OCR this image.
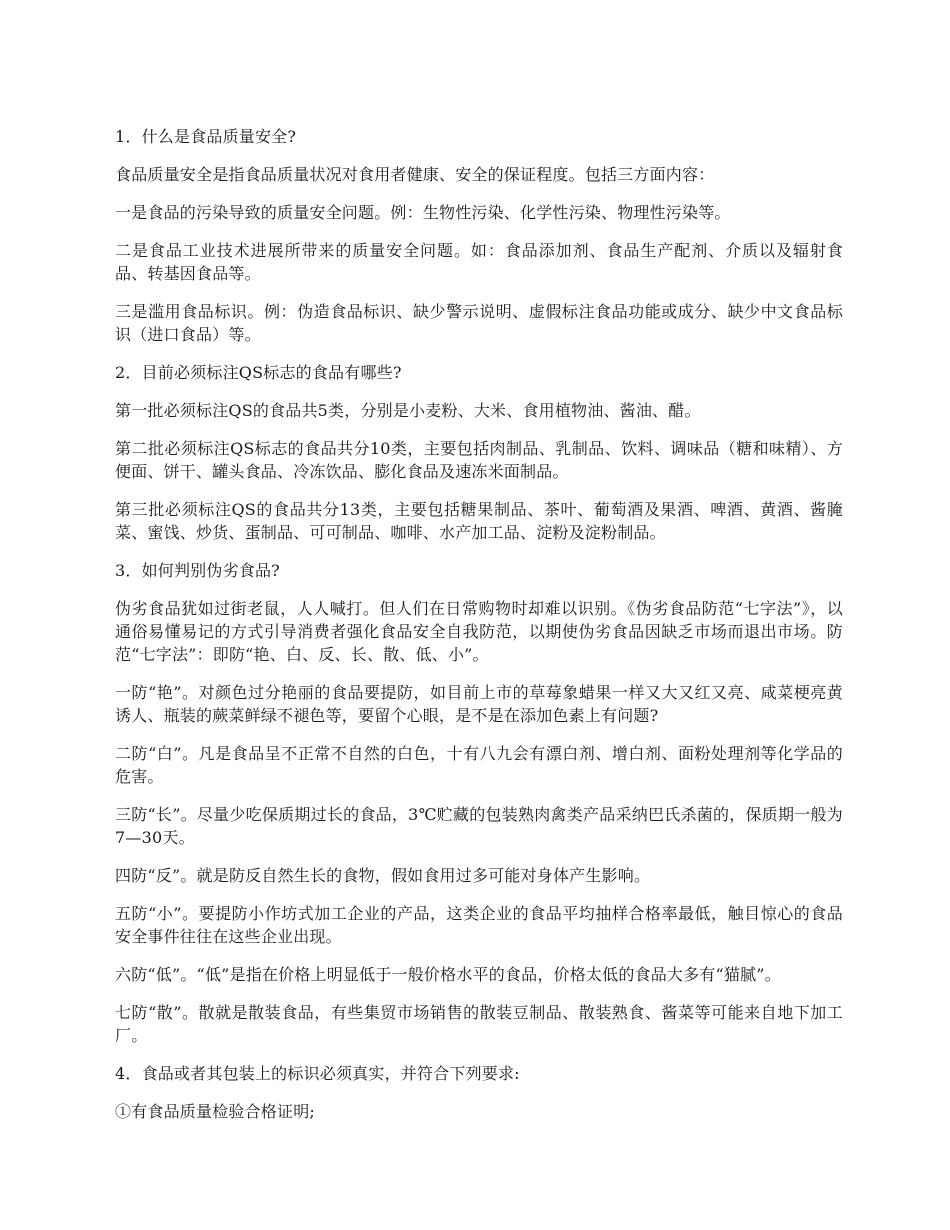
1．什么是食品质量安全?

食品质量安全是指食品质量状况对食用者健康、安全的保证程度。包括三方面内容：

一是食品的污染导致的质量安全问题。例：生物性污染、化学性污染、物理性污染等。

二是食品工业技术进展所带来的质量安全问题。如：食品添加剂、食品生产配剂、介质以及辐射食品、转基因食品等。

三是滥用食品标识。例：伪造食品标识、缺少警示说明、虚假标注食品功能或成分、缺少中文食品标识（进口食品）等。

2．目前必须标注QS标志的食品有哪些?

第一批必须标注QS的食品共5类，分别是小麦粉、大米、食用植物油、酱油、醋。

第二批必须标注QS标志的食品共分10类，主要包括肉制品、乳制品、饮料、调味品（糖和味精）、方便面、饼干、罐头食品、冷冻饮品、膨化食品及速冻米面制品。

第三批必须标注QS的食品共分13类，主要包括糖果制品、茶叶、葡萄酒及果酒、啤酒、黄酒、酱腌菜、蜜饯、炒货、蛋制品、可可制品、咖啡、水产加工品、淀粉及淀粉制品。

3．如何判别伪劣食品?

伪劣食品犹如过街老鼠，人人喊打。但人们在日常购物时却难以识别。《伪劣食品防范“七字法”》，以通俗易懂易记的方式引导消费者强化食品安全自我防范，以期使伪劣食品因缺乏市场而退出市场。防范“七字法”：即防“艳、白、反、长、散、低、小”。

一防“艳”。对颜色过分艳丽的食品要提防，如目前上市的草莓象蜡果一样又大又红又亮、咸菜梗亮黄诱人、瓶装的蕨菜鲜绿不褪色等，要留个心眼，是不是在添加色素上有问题?

二防“白”。凡是食品呈不正常不自然的白色，十有八九会有漂白剂、增白剂、面粉处理剂等化学品的危害。

三防“长”。尽量少吃保质期过长的食品，3℃贮藏的包装熟肉禽类产品采纳巴氏杀菌的，保质期一般为7—30天。

四防“反”。就是防反自然生长的食物，假如食用过多可能对身体产生影响。

五防“小”。要提防小作坊式加工企业的产品，这类企业的食品平均抽样合格率最低，触目惊心的食品安全事件往往在这些企业出现。

六防“低”。“低”是指在价格上明显低于一般价格水平的食品，价格太低的食品大多有“猫腻”。

七防“散”。散就是散装食品，有些集贸市场销售的散装豆制品、散装熟食、酱菜等可能来自地下加工厂。

4．食品或者其包装上的标识必须真实，并符合下列要求:

①有食品质量检验合格证明;
